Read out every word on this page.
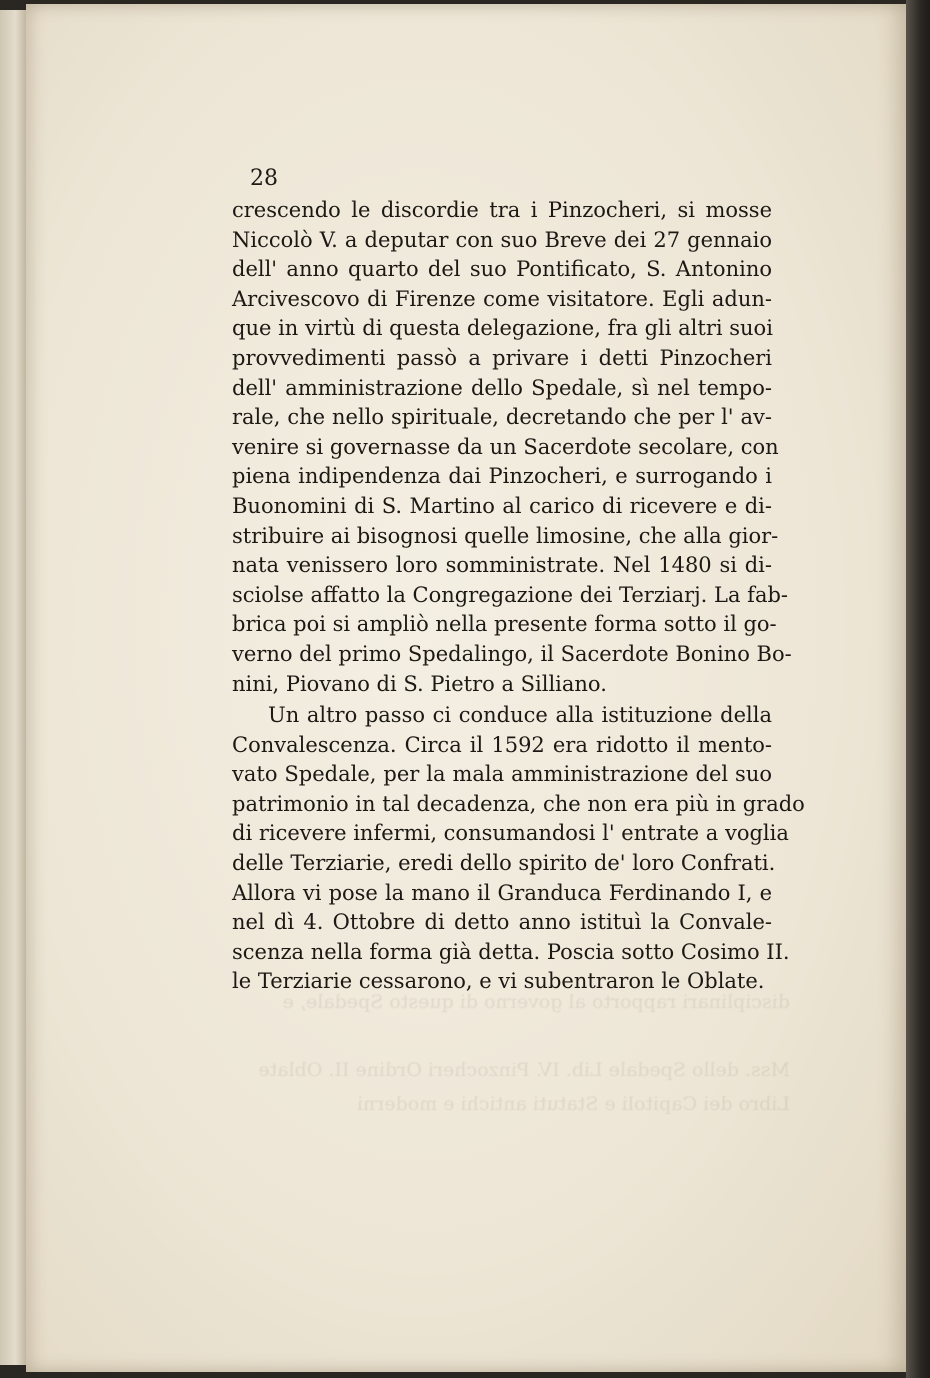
28
crescendo le discordie tra i Pinzocheri, si mosse
Niccolò V. a deputar con suo Breve dei 27 gennaio
dell' anno quarto del suo Pontificato, S. Antonino
Arcivescovo di Firenze come visitatore. Egli adun-
que in virtù di questa delegazione, fra gli altri suoi
provvedimenti passò a privare i detti Pinzocheri
dell' amministrazione dello Spedale, sì nel tempo-
rale, che nello spirituale, decretando che per l' av-
venire si governasse da un Sacerdote secolare, con
piena indipendenza dai Pinzocheri, e surrogando i
Buonomini di S. Martino al carico di ricevere e di-
stribuire ai bisognosi quelle limosine, che alla gior-
nata venissero loro somministrate. Nel 1480 si di-
sciolse affatto la Congregazione dei Terziarj. La fab-
brica poi si ampliò nella presente forma sotto il go-
verno del primo Spedalingo, il Sacerdote Bonino Bo-
nini, Piovano di S. Pietro a Silliano.
Un altro passo ci conduce alla istituzione della
Convalescenza. Circa il 1592 era ridotto il mento-
vato Spedale, per la mala amministrazione del suo
patrimonio in tal decadenza, che non era più in grado
di ricevere infermi, consumandosi l' entrate a voglia
delle Terziarie, eredi dello spirito de' loro Confrati.
Allora vi pose la mano il Granduca Ferdinando I, e
nel dì 4. Ottobre di detto anno istituì la Convale-
scenza nella forma già detta. Poscia sotto Cosimo II.
le Terziarie cessarono, e vi subentraron le Oblate.
